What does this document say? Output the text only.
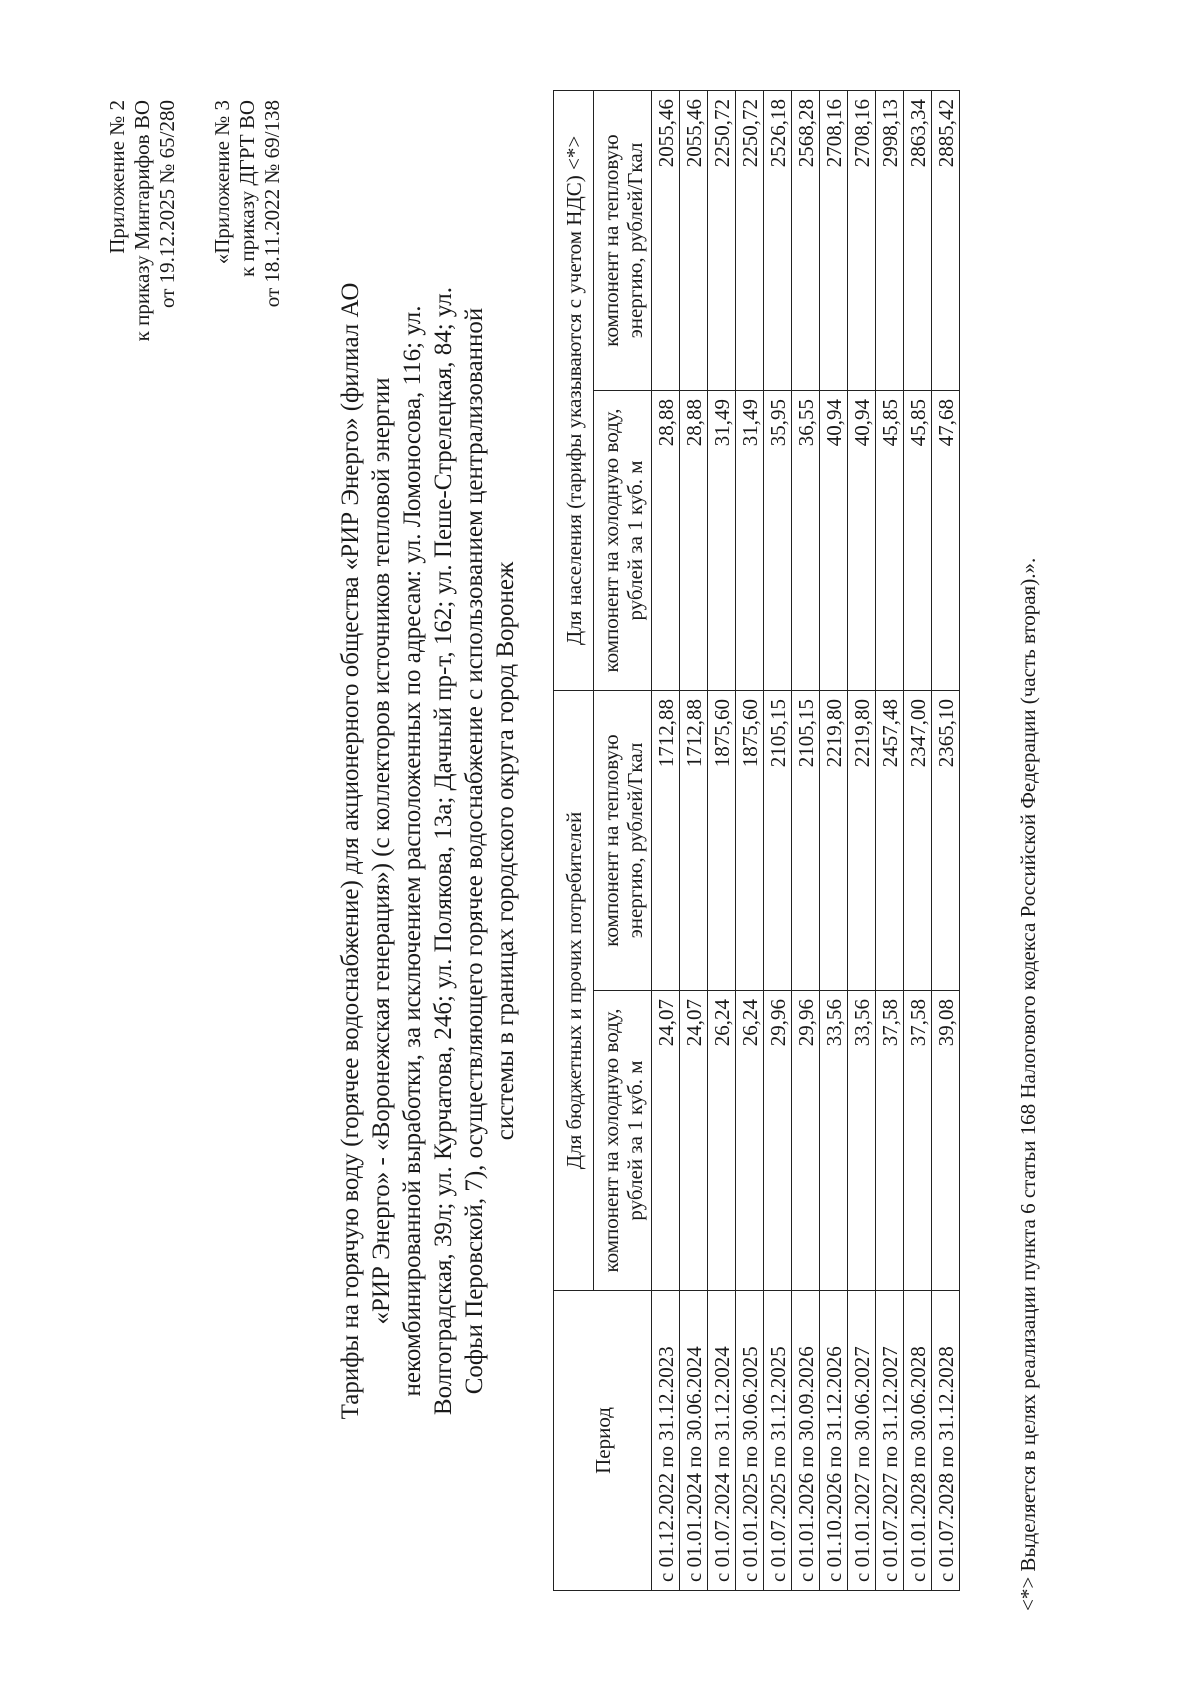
Приложение № 2 к приказу Минтарифов ВО от 19.12.2025 № 65/280 «Приложение № 3 к приказу ДГРТ ВО от 18.11.2022 № 69/138
Тарифы на горячую воду (горячее водоснабжение) для акционерного общества «РИР Энерго» (филиал АО «РИР Энерго» - «Воронежская генерация») (с коллекторов источников тепловой энергии некомбинированной выработки, за исключением расположенных по адресам: ул. Ломоносова, 116; ул. Волгоградская, 39л; ул. Курчатова, 24б; ул. Полякова, 13а; Дачный пр-т, 162; ул. Пеше-Стрелецкая, 84; ул. Софьи Перовской, 7), осуществляющего горячее водоснабжение с использованием централизованной системы в границах городского округа город Воронеж
Период	Для бюджетных и прочих потребителей		Для населения (тарифы указываются с учетом НДС) <*>	
	компонент на холодную воду, рублей за 1 куб. м	компонент на тепловую энергию, рублей/Гкал	компонент на холодную воду, рублей за 1 куб. м	компонент на тепловую энергию, рублей/Гкал
с 01.12.2022 по 31.12.2023	24,07	1712,88	28,88	2055,46
с 01.01.2024 по 30.06.2024	24,07	1712,88	28,88	2055,46
с 01.07.2024 по 31.12.2024	26,24	1875,60	31,49	2250,72
с 01.01.2025 по 30.06.2025	26,24	1875,60	31,49	2250,72
с 01.07.2025 по 31.12.2025	29,96	2105,15	35,95	2526,18
с 01.01.2026 по 30.09.2026	29,96	2105,15	36,55	2568,28
с 01.10.2026 по 31.12.2026	33,56	2219,80	40,94	2708,16
с 01.01.2027 по 30.06.2027	33,56	2219,80	40,94	2708,16
с 01.07.2027 по 31.12.2027	37,58	2457,48	45,85	2998,13
с 01.01.2028 по 30.06.2028	37,58	2347,00	45,85	2863,34
с 01.07.2028 по 31.12.2028	39,08	2365,10	47,68	2885,42
<*> Выделяется в целях реализации пункта 6 статьи 168 Налогового кодекса Российской Федерации (часть вторая).».
